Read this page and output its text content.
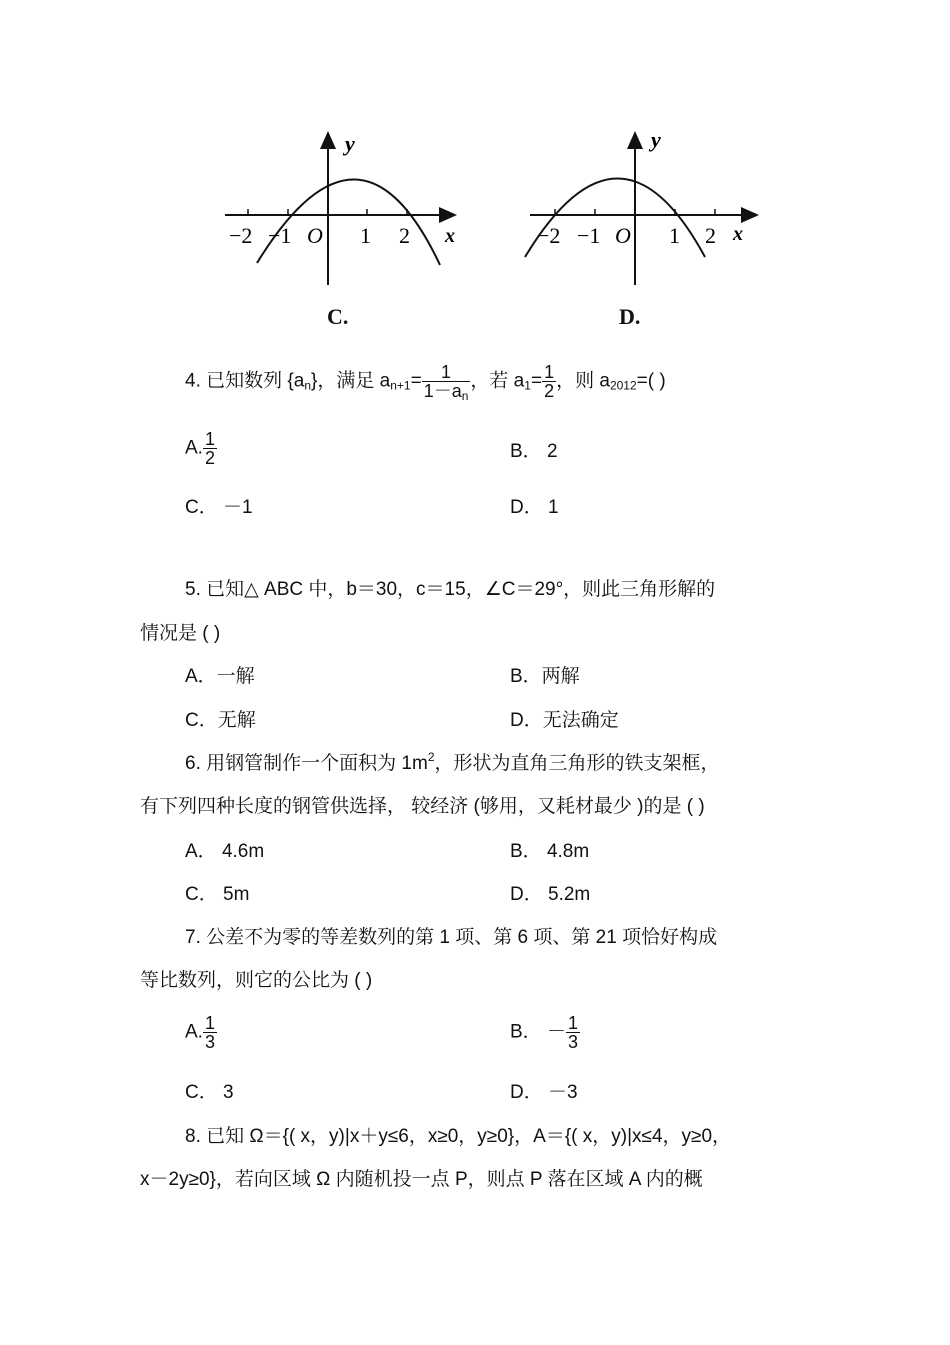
y
x
O
−2 −1	1 2
C.
y
x
O
−2 −1	1 2
D.
4. 已知数列 $\{a_n\}$，满足 $a_{n+1}= \frac{1}{1-a_n}$ ，若 $a_1= \frac{1}{2}$ ，则 $a_{2012}=$( )
A. $\frac{1}{2}$	B． 2
C． －1	D． 1
5. 已知△ ABC 中，b＝30，c＝15，∠C＝29°，则此三角形解的
情况是 ( )
A．一解	B．两解
C．无解	D．无法确定
6. 用钢管制作一个面积为 $1m^2$，形状为直角三角形的铁支架框，
有下列四种长度的钢管供选择， 较经济 (够用，又耗材最少 )的是 ( )
A． 4.6m	B． 4.8m
C． 5m	D． 5.2m
7. 公差不为零的等差数列的第 1 项、第 6 项、第 21 项恰好构成
等比数列，则它的公比为 ( )
A. $\frac{1}{3}$	B． － $\frac{1}{3}$
C． 3	D． －3
8. 已知 Ω＝{( x，y)|x＋y≤6，x≥0，y≥0}，A＝{( x，y)|x≤4，y≥0，
x－2y≥0}，若向区域 Ω 内随机投一点 P，则点 P 落在区域 A 内的概
